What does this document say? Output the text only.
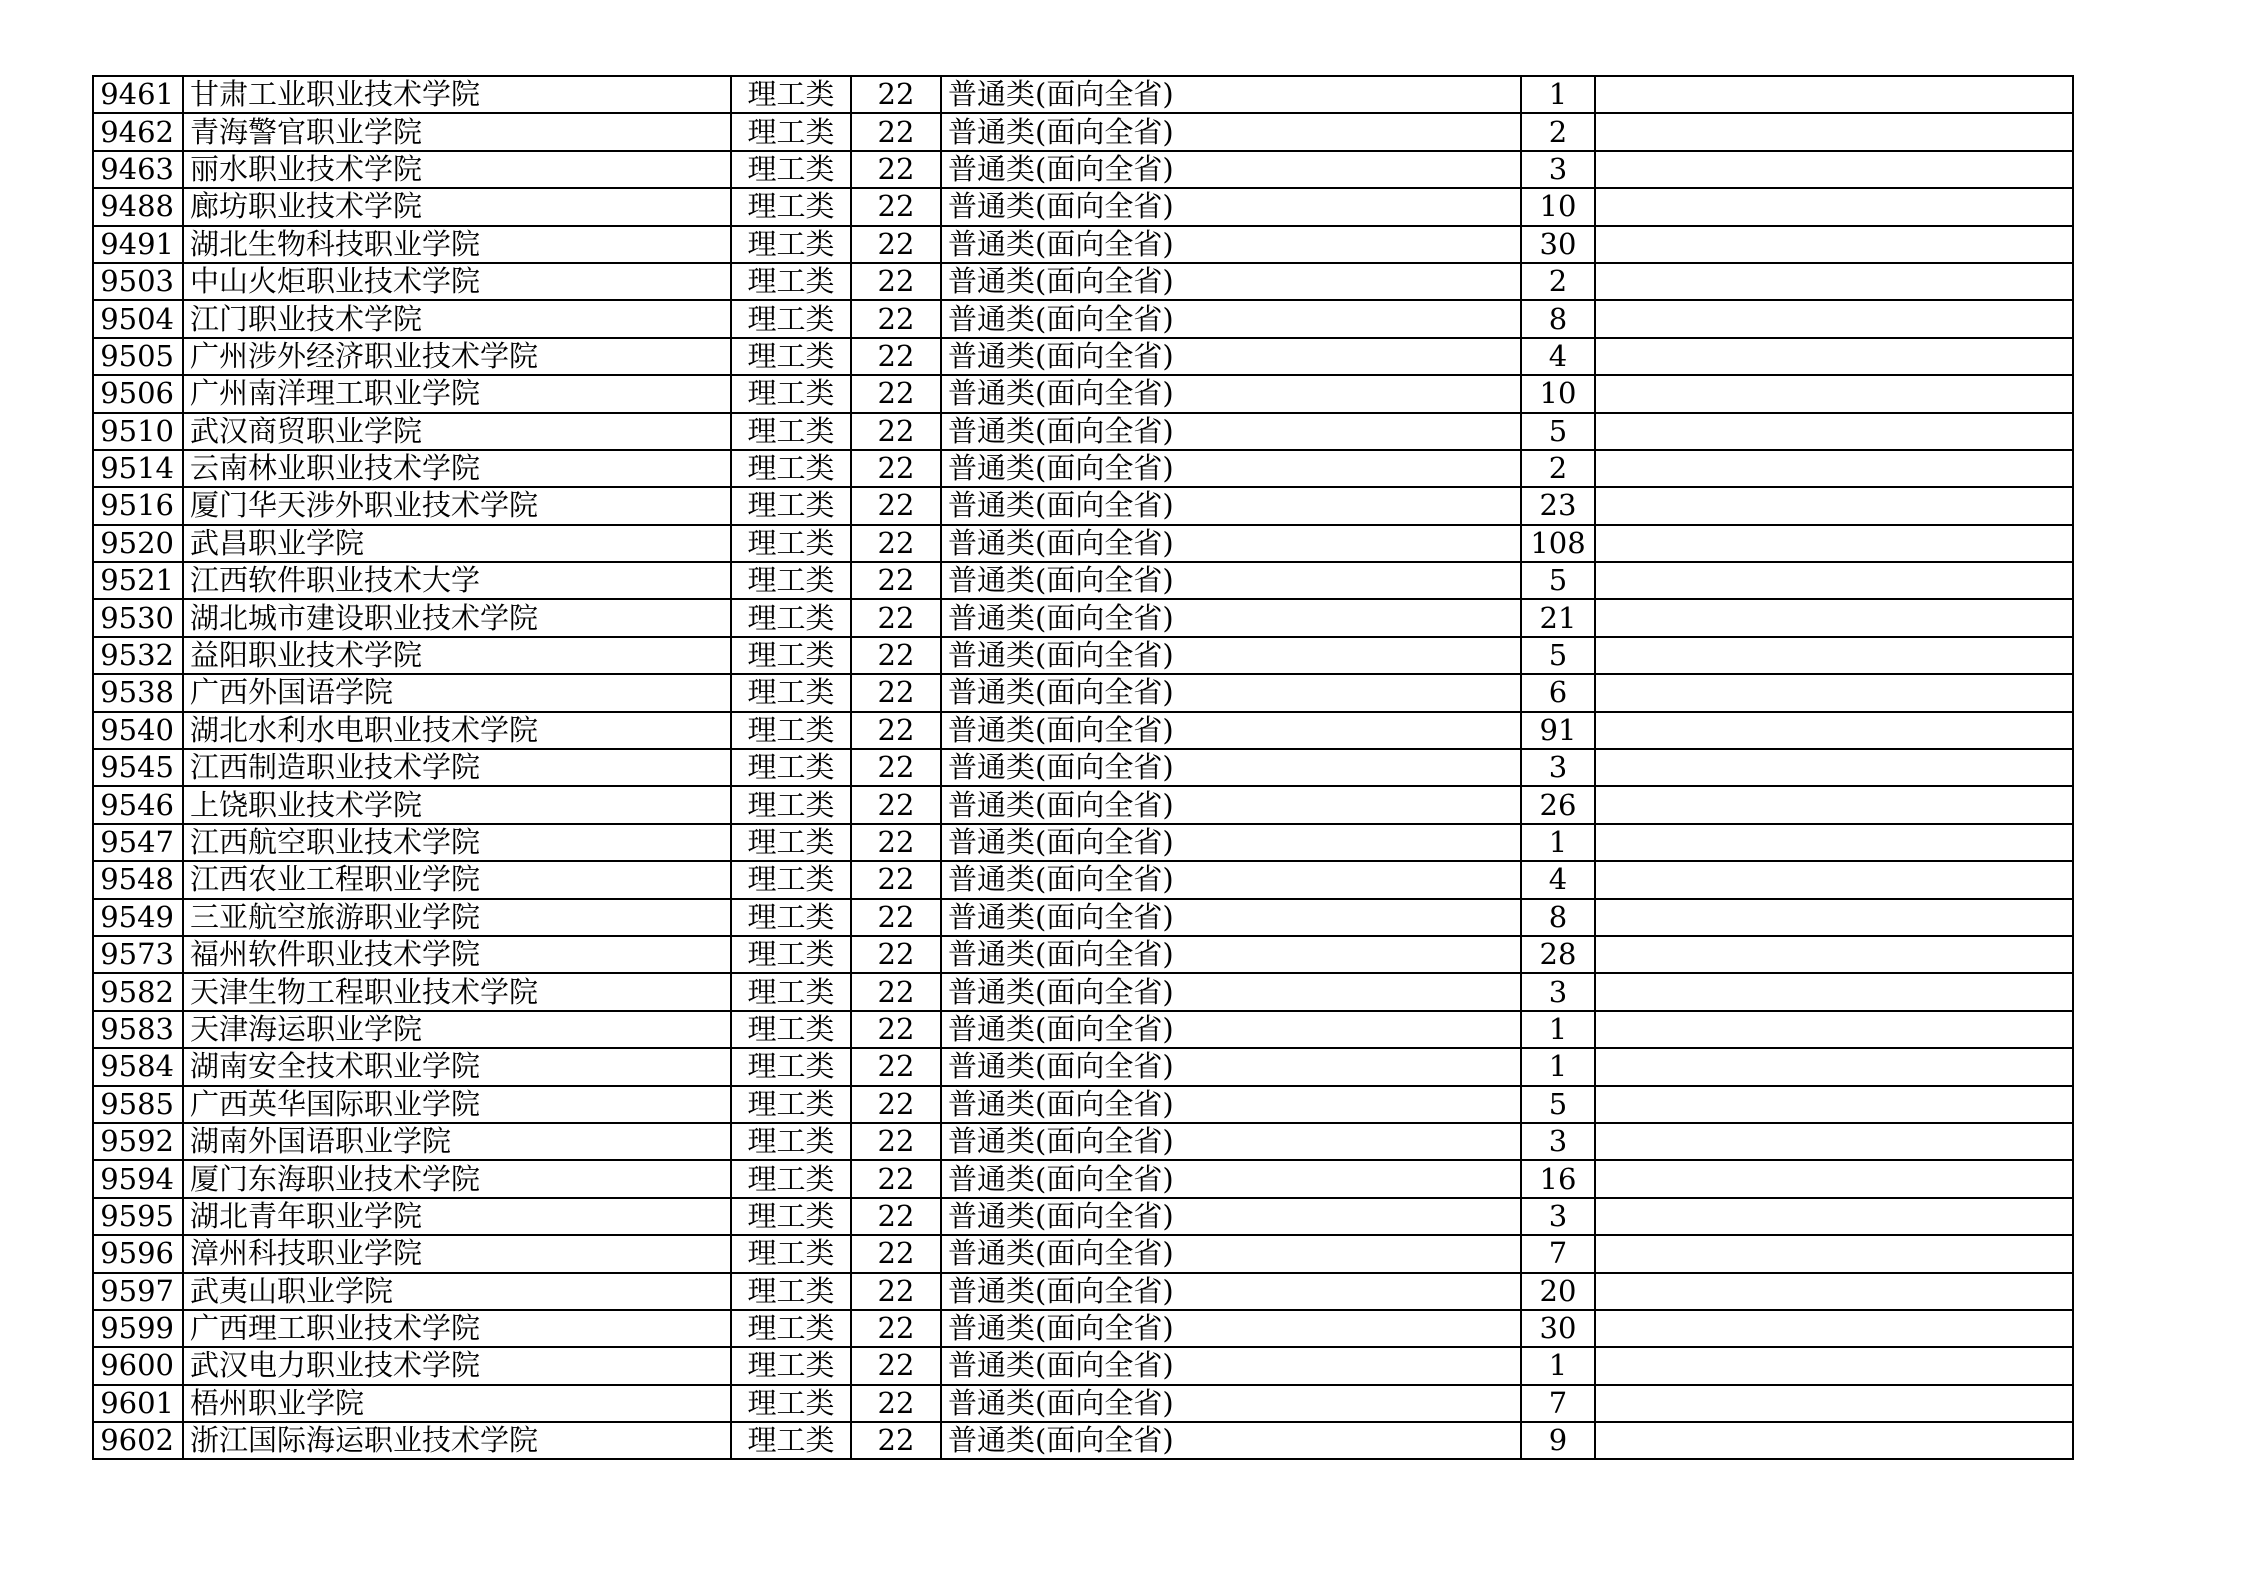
9461	甘肃工业职业技术学院	理工类	22	普通类(面向全省)	1	
9462	青海警官职业学院	理工类	22	普通类(面向全省)	2	
9463	丽水职业技术学院	理工类	22	普通类(面向全省)	3	
9488	廊坊职业技术学院	理工类	22	普通类(面向全省)	10	
9491	湖北生物科技职业学院	理工类	22	普通类(面向全省)	30	
9503	中山火炬职业技术学院	理工类	22	普通类(面向全省)	2	
9504	江门职业技术学院	理工类	22	普通类(面向全省)	8	
9505	广州涉外经济职业技术学院	理工类	22	普通类(面向全省)	4	
9506	广州南洋理工职业学院	理工类	22	普通类(面向全省)	10	
9510	武汉商贸职业学院	理工类	22	普通类(面向全省)	5	
9514	云南林业职业技术学院	理工类	22	普通类(面向全省)	2	
9516	厦门华天涉外职业技术学院	理工类	22	普通类(面向全省)	23	
9520	武昌职业学院	理工类	22	普通类(面向全省)	108	
9521	江西软件职业技术大学	理工类	22	普通类(面向全省)	5	
9530	湖北城市建设职业技术学院	理工类	22	普通类(面向全省)	21	
9532	益阳职业技术学院	理工类	22	普通类(面向全省)	5	
9538	广西外国语学院	理工类	22	普通类(面向全省)	6	
9540	湖北水利水电职业技术学院	理工类	22	普通类(面向全省)	91	
9545	江西制造职业技术学院	理工类	22	普通类(面向全省)	3	
9546	上饶职业技术学院	理工类	22	普通类(面向全省)	26	
9547	江西航空职业技术学院	理工类	22	普通类(面向全省)	1	
9548	江西农业工程职业学院	理工类	22	普通类(面向全省)	4	
9549	三亚航空旅游职业学院	理工类	22	普通类(面向全省)	8	
9573	福州软件职业技术学院	理工类	22	普通类(面向全省)	28	
9582	天津生物工程职业技术学院	理工类	22	普通类(面向全省)	3	
9583	天津海运职业学院	理工类	22	普通类(面向全省)	1	
9584	湖南安全技术职业学院	理工类	22	普通类(面向全省)	1	
9585	广西英华国际职业学院	理工类	22	普通类(面向全省)	5	
9592	湖南外国语职业学院	理工类	22	普通类(面向全省)	3	
9594	厦门东海职业技术学院	理工类	22	普通类(面向全省)	16	
9595	湖北青年职业学院	理工类	22	普通类(面向全省)	3	
9596	漳州科技职业学院	理工类	22	普通类(面向全省)	7	
9597	武夷山职业学院	理工类	22	普通类(面向全省)	20	
9599	广西理工职业技术学院	理工类	22	普通类(面向全省)	30	
9600	武汉电力职业技术学院	理工类	22	普通类(面向全省)	1	
9601	梧州职业学院	理工类	22	普通类(面向全省)	7	
9602	浙江国际海运职业技术学院	理工类	22	普通类(面向全省)	9	
